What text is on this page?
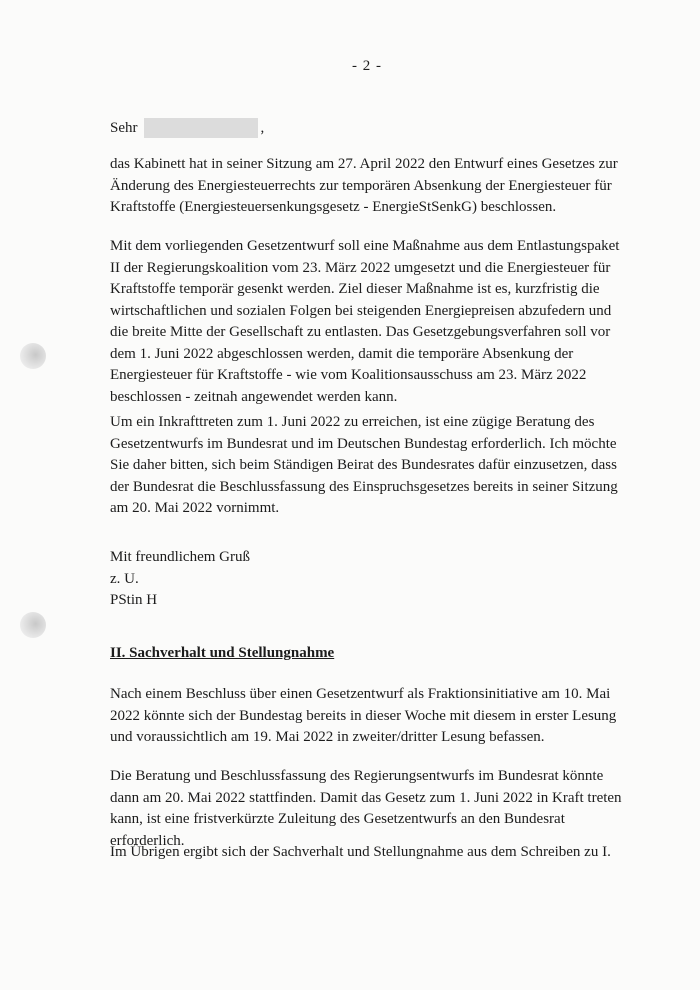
- 2 -
Sehr	,

das Kabinett hat in seiner Sitzung am 27. April 2022 den Entwurf eines Gesetzes zur Änderung des Energiesteuerrechts zur temporären Absenkung der Energiesteuer für Kraftstoffe (Energiesteuersenkungsgesetz - EnergieStSenkG) beschlossen.

Mit dem vorliegenden Gesetzentwurf soll eine Maßnahme aus dem Entlastungspaket II der Regierungskoalition vom 23. März 2022 umgesetzt und die Energiesteuer für Kraftstoffe temporär gesenkt werden. Ziel dieser Maßnahme ist es, kurzfristig die wirtschaftlichen und sozialen Folgen bei steigenden Energiepreisen abzufedern und die breite Mitte der Gesellschaft zu entlasten. Das Gesetzgebungsverfahren soll vor dem 1. Juni 2022 abgeschlossen werden, damit die temporäre Absenkung der Energiesteuer für Kraftstoffe - wie vom Koalitionsausschuss am 23. März 2022 beschlossen - zeitnah angewendet werden kann.

Um ein Inkrafttreten zum 1. Juni 2022 zu erreichen, ist eine zügige Beratung des Gesetzentwurfs im Bundesrat und im Deutschen Bundestag erforderlich. Ich möchte Sie daher bitten, sich beim Ständigen Beirat des Bundesrates dafür einzusetzen, dass der Bundesrat die Beschlussfassung des Einspruchsgesetzes bereits in seiner Sitzung am 20. Mai 2022 vornimmt.

Mit freundlichem Gruß

z. U.

PStin H

II. Sachverhalt und Stellungnahme

Nach einem Beschluss über einen Gesetzentwurf als Fraktionsinitiative am 10. Mai 2022 könnte sich der Bundestag bereits in dieser Woche mit diesem in erster Lesung und voraussichtlich am 19. Mai 2022 in zweiter/dritter Lesung befassen.

Die Beratung und Beschlussfassung des Regierungsentwurfs im Bundesrat könnte dann am 20. Mai 2022 stattfinden. Damit das Gesetz zum 1. Juni 2022 in Kraft treten kann, ist eine fristverkürzte Zuleitung des Gesetzentwurfs an den Bundesrat erforderlich.

Im Übrigen ergibt sich der Sachverhalt und Stellungnahme aus dem Schreiben zu I.
